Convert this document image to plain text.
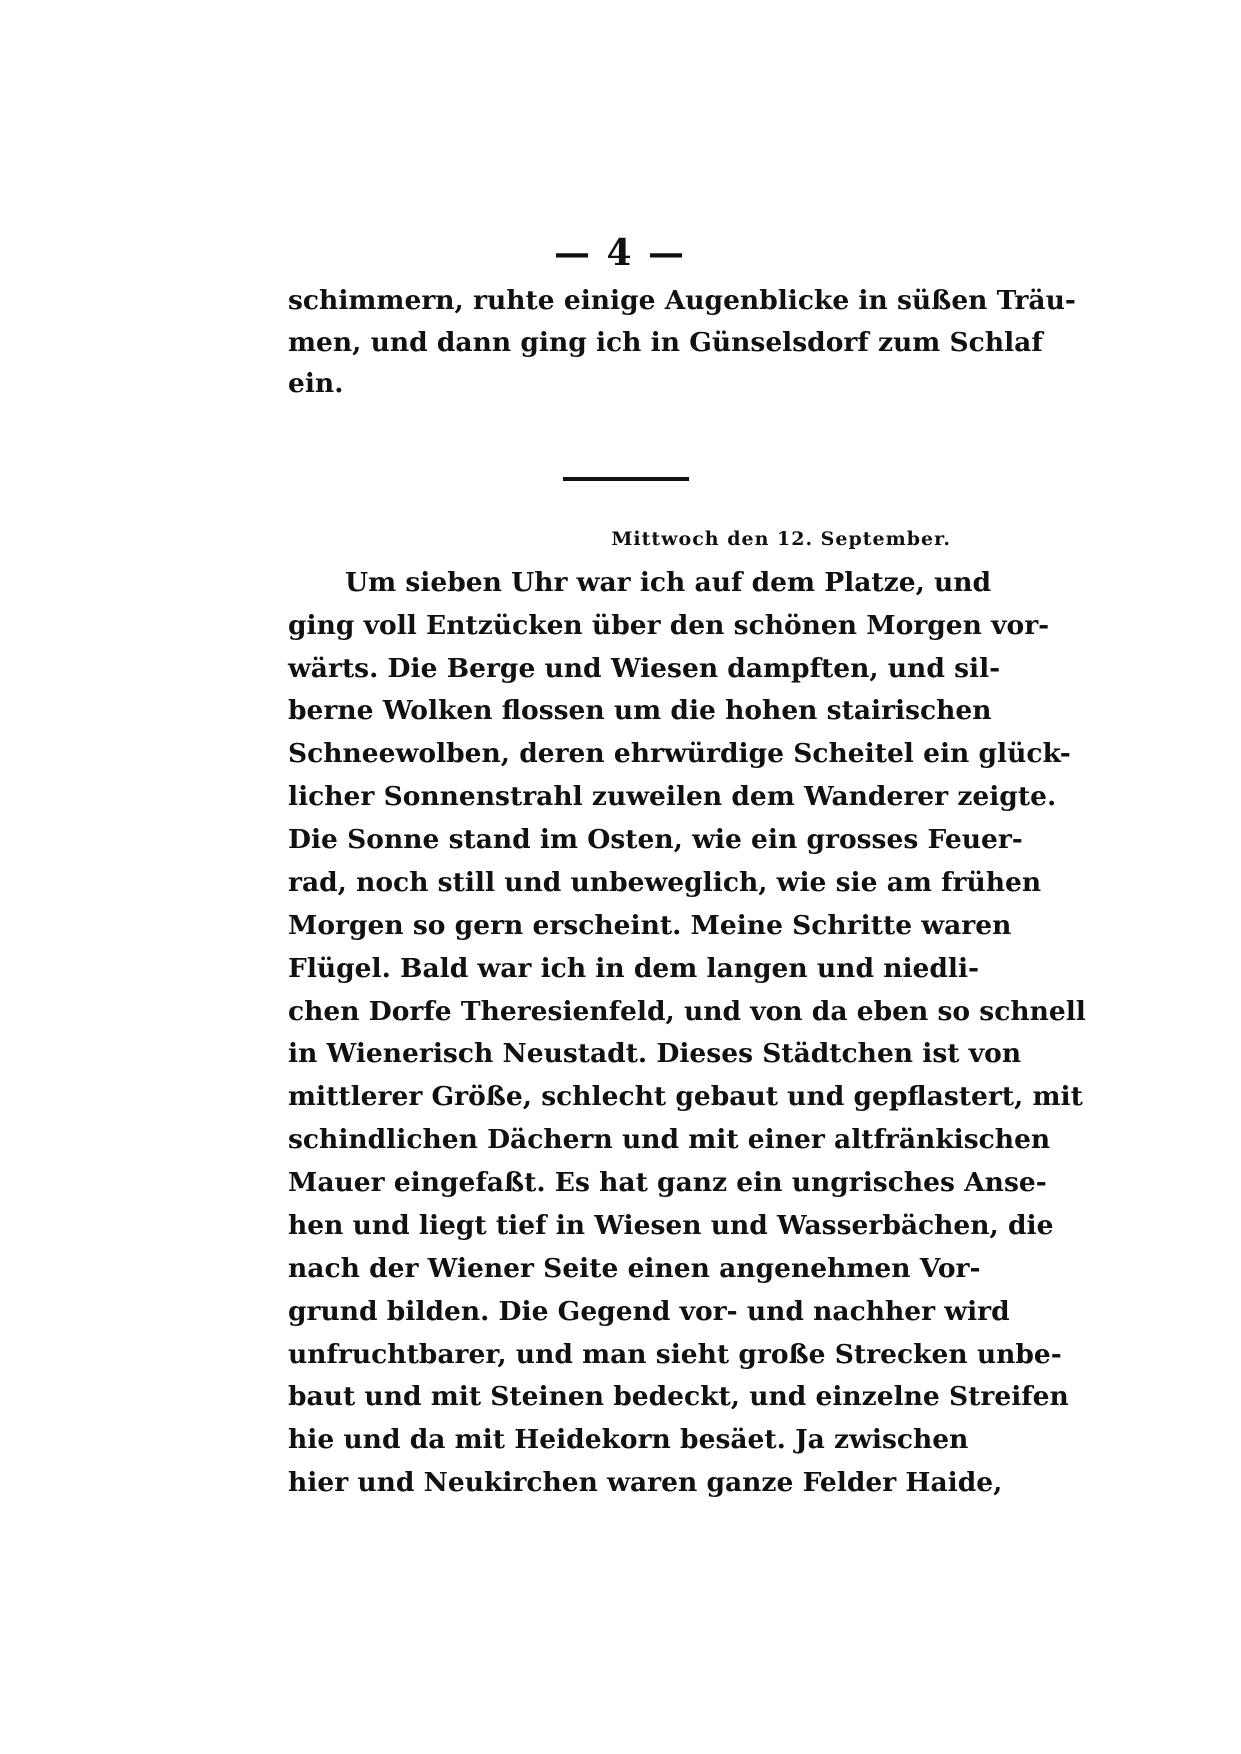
— 4 —
schimmern, ruhte einige Augenblicke in süßen Träu-
men, und dann ging ich in Günselsdorf zum Schlaf
ein.
Mittwoch den 12. September.
Um sieben Uhr war ich auf dem Platze, und
ging voll Entzücken über den schönen Morgen vor-
wärts. Die Berge und Wiesen dampften, und sil-
berne Wolken flossen um die hohen stairischen
Schneewolben, deren ehrwürdige Scheitel ein glück-
licher Sonnenstrahl zuweilen dem Wanderer zeigte.
Die Sonne stand im Osten, wie ein grosses Feuer-
rad, noch still und unbeweglich, wie sie am frühen
Morgen so gern erscheint. Meine Schritte waren
Flügel. Bald war ich in dem langen und niedli-
chen Dorfe Theresienfeld, und von da eben so schnell
in Wienerisch Neustadt. Dieses Städtchen ist von
mittlerer Größe, schlecht gebaut und gepflastert, mit
schindlichen Dächern und mit einer altfränkischen
Mauer eingefaßt. Es hat ganz ein ungrisches Anse-
hen und liegt tief in Wiesen und Wasserbächen, die
nach der Wiener Seite einen angenehmen Vor-
grund bilden. Die Gegend vor- und nachher wird
unfruchtbarer, und man sieht große Strecken unbe-
baut und mit Steinen bedeckt, und einzelne Streifen
hie und da mit Heidekorn besäet. Ja zwischen
hier und Neukirchen waren ganze Felder Haide,
